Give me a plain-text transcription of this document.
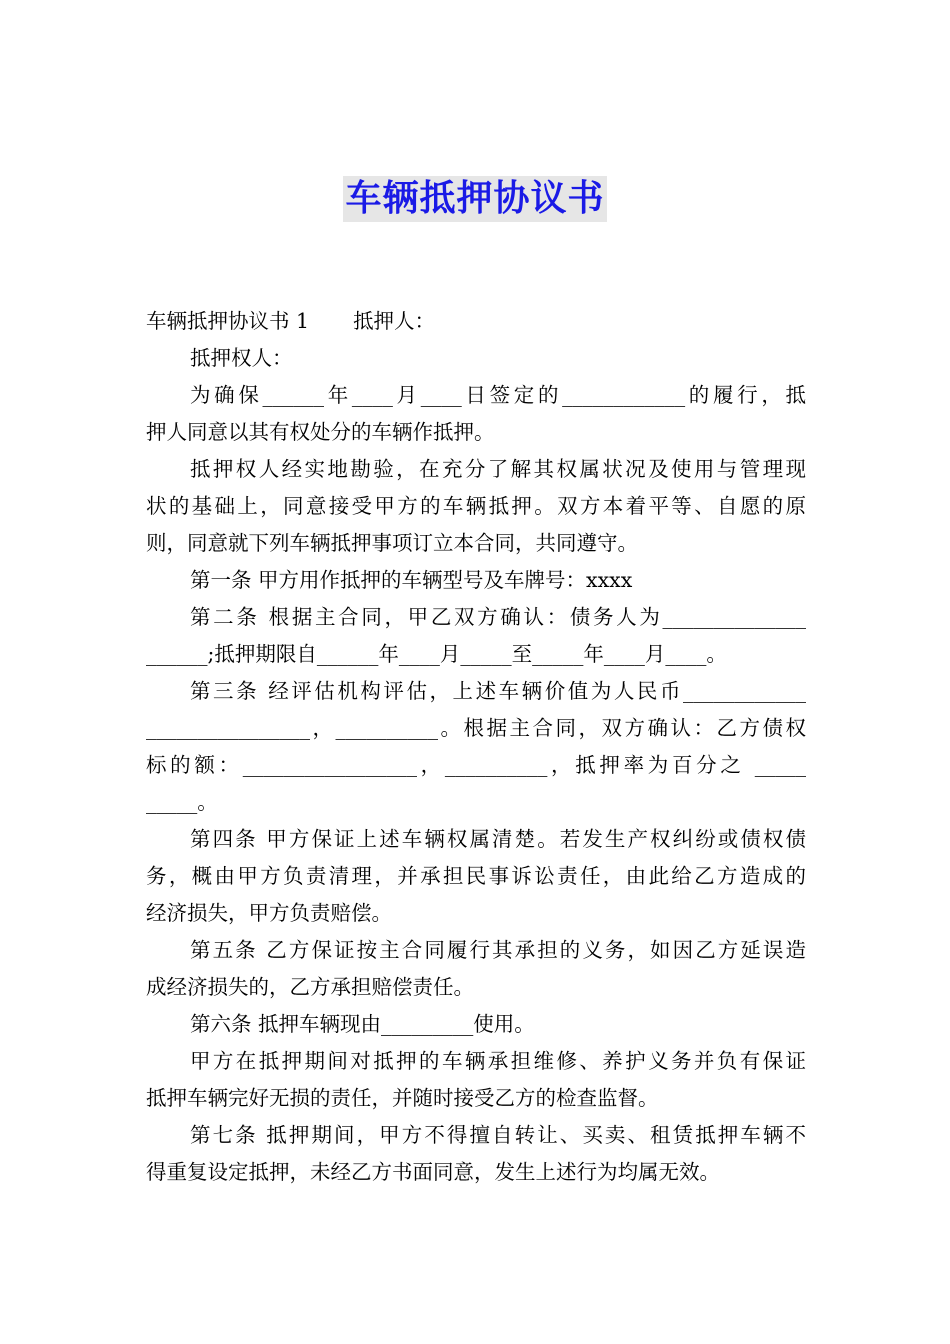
车辆抵押协议书
车辆抵押协议书 1 抵押人：
抵押权人：
为确保______年____月____日签定的____________的履行，抵
押人同意以其有权处分的车辆作抵押。
抵押权人经实地勘验，在充分了解其权属状况及使用与管理现
状的基础上，同意接受甲方的车辆抵押。双方本着平等、自愿的原
则，同意就下列车辆抵押事项订立本合同，共同遵守。
第一条 甲方用作抵押的车辆型号及车牌号：xxxx
第二条 根据主合同，甲乙双方确认：债务人为______________
______;抵押期限自______年____月_____至_____年____月____。
第三条 经评估机构评估，上述车辆价值为人民币____________
________________，__________。根据主合同，双方确认：乙方债权
标的额：_________________，__________，抵押率为百分之 _____
_____。
第四条 甲方保证上述车辆权属清楚。若发生产权纠纷或债权债
务，概由甲方负责清理，并承担民事诉讼责任，由此给乙方造成的
经济损失，甲方负责赔偿。
第五条 乙方保证按主合同履行其承担的义务，如因乙方延误造
成经济损失的，乙方承担赔偿责任。
第六条 抵押车辆现由_________使用。
甲方在抵押期间对抵押的车辆承担维修、养护义务并负有保证
抵押车辆完好无损的责任，并随时接受乙方的检查监督。
第七条 抵押期间，甲方不得擅自转让、买卖、租赁抵押车辆不
得重复设定抵押，未经乙方书面同意，发生上述行为均属无效。
